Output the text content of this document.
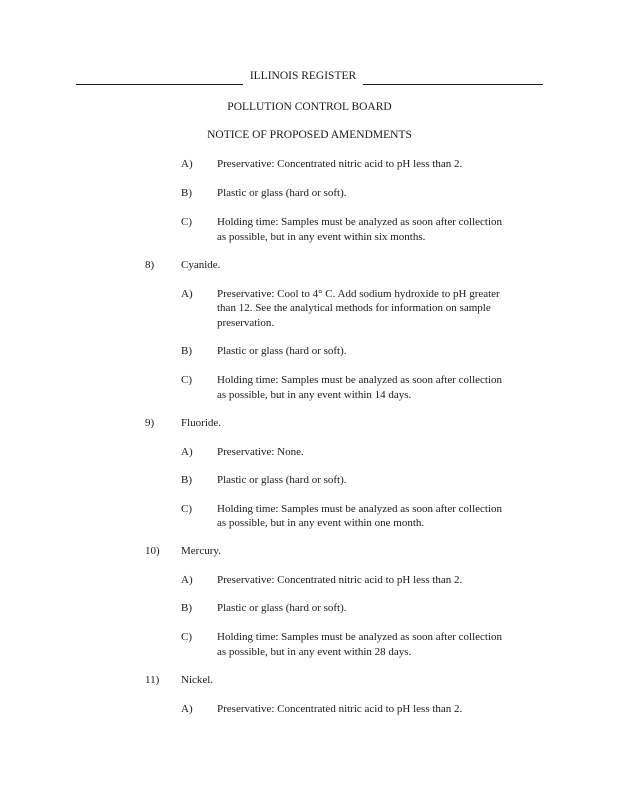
ILLINOIS REGISTER
POLLUTION CONTROL BOARD
NOTICE OF PROPOSED AMENDMENTS
A) Preservative: Concentrated nitric acid to pH less than 2.
B) Plastic or glass (hard or soft).
C) Holding time: Samples must be analyzed as soon after collection
as possible, but in any event within six months.
8) Cyanide.
A) Preservative: Cool to 4° C. Add sodium hydroxide to pH greater
than 12. See the analytical methods for information on sample
preservation.
B) Plastic or glass (hard or soft).
C) Holding time: Samples must be analyzed as soon after collection
as possible, but in any event within 14 days.
9) Fluoride.
A) Preservative: None.
B) Plastic or glass (hard or soft).
C) Holding time: Samples must be analyzed as soon after collection
as possible, but in any event within one month.
10) Mercury.
A) Preservative: Concentrated nitric acid to pH less than 2.
B) Plastic or glass (hard or soft).
C) Holding time: Samples must be analyzed as soon after collection
as possible, but in any event within 28 days.
11) Nickel.
A) Preservative: Concentrated nitric acid to pH less than 2.
